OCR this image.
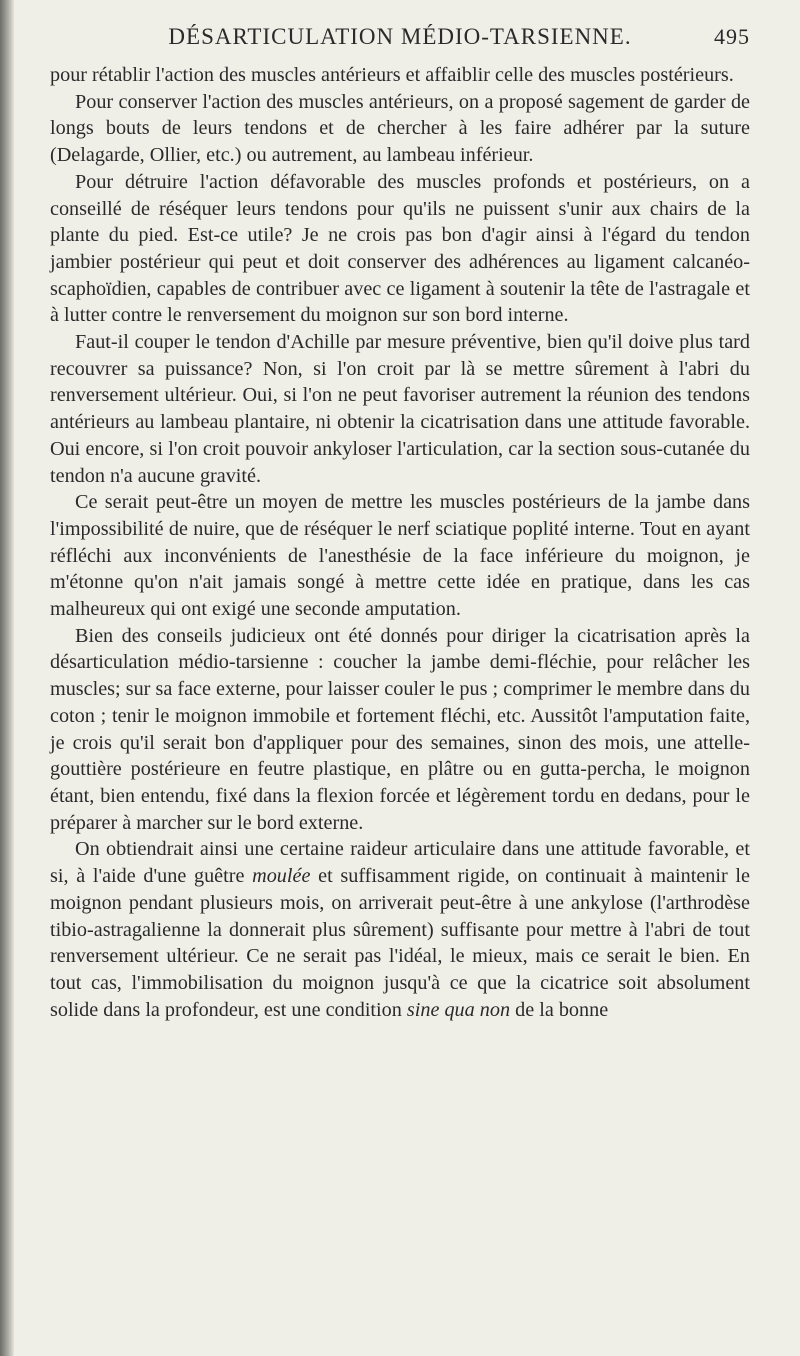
DÉSARTICULATION MÉDIO-TARSIENNE.	495

pour rétablir l'action des muscles antérieurs et affaiblir celle des muscles postérieurs.

Pour conserver l'action des muscles antérieurs, on a proposé sagement de garder de longs bouts de leurs tendons et de chercher à les faire adhérer par la suture (Delagarde, Ollier, etc.) ou autrement, au lambeau inférieur.

Pour détruire l'action défavorable des muscles profonds et postérieurs, on a conseillé de réséquer leurs tendons pour qu'ils ne puissent s'unir aux chairs de la plante du pied. Est-ce utile? Je ne crois pas bon d'agir ainsi à l'égard du tendon jambier postérieur qui peut et doit conserver des adhérences au ligament calcanéo-scaphoïdien, capables de contribuer avec ce ligament à soutenir la tête de l'astragale et à lutter contre le renversement du moignon sur son bord interne.

Faut-il couper le tendon d'Achille par mesure préventive, bien qu'il doive plus tard recouvrer sa puissance? Non, si l'on croit par là se mettre sûrement à l'abri du renversement ultérieur. Oui, si l'on ne peut favoriser autrement la réunion des tendons antérieurs au lambeau plantaire, ni obtenir la cicatrisation dans une attitude favorable. Oui encore, si l'on croit pouvoir ankyloser l'articulation, car la section sous-cutanée du tendon n'a aucune gravité.

Ce serait peut-être un moyen de mettre les muscles postérieurs de la jambe dans l'impossibilité de nuire, que de réséquer le nerf sciatique poplité interne. Tout en ayant réfléchi aux inconvénients de l'anesthésie de la face inférieure du moignon, je m'étonne qu'on n'ait jamais songé à mettre cette idée en pratique, dans les cas malheureux qui ont exigé une seconde amputation.

Bien des conseils judicieux ont été donnés pour diriger la cicatrisation après la désarticulation médio-tarsienne : coucher la jambe demi-fléchie, pour relâcher les muscles; sur sa face externe, pour laisser couler le pus ; comprimer le membre dans du coton ; tenir le moignon immobile et fortement fléchi, etc. Aussitôt l'amputation faite, je crois qu'il serait bon d'appliquer pour des semaines, sinon des mois, une attelle-gouttière postérieure en feutre plastique, en plâtre ou en gutta-percha, le moignon étant, bien entendu, fixé dans la flexion forcée et légèrement tordu en dedans, pour le préparer à marcher sur le bord externe.

On obtiendrait ainsi une certaine raideur articulaire dans une attitude favorable, et si, à l'aide d'une guêtre moulée et suffisamment rigide, on continuait à maintenir le moignon pendant plusieurs mois, on arriverait peut-être à une ankylose (l'arthrodèse tibio-astragalienne la donnerait plus sûrement) suffisante pour mettre à l'abri de tout renversement ultérieur. Ce ne serait pas l'idéal, le mieux, mais ce serait le bien. En tout cas, l'immobilisation du moignon jusqu'à ce que la cicatrice soit absolument solide dans la profondeur, est une condition sine qua non de la bonne
